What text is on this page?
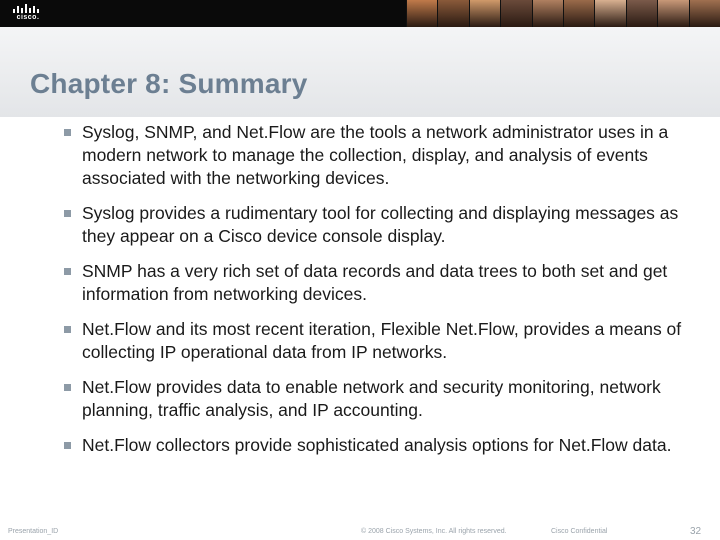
cisco.
Chapter 8: Summary
Syslog, SNMP, and Net.Flow are the tools a network administrator uses in a modern network to manage the collection, display, and analysis of events associated with the networking devices.
Syslog provides a rudimentary tool for collecting and displaying messages as they appear on a Cisco device console display.
SNMP has a very rich set of data records and data trees to both set and get information from networking devices.
Net.Flow and its most recent iteration, Flexible Net.Flow, provides a means of collecting IP operational data from IP networks.
Net.Flow provides data to enable network and security monitoring, network planning, traffic analysis, and IP accounting.
Net.Flow collectors provide sophisticated analysis options for Net.Flow data.
Presentation_ID	© 2008 Cisco Systems, Inc. All rights reserved.	Cisco Confidential	32
